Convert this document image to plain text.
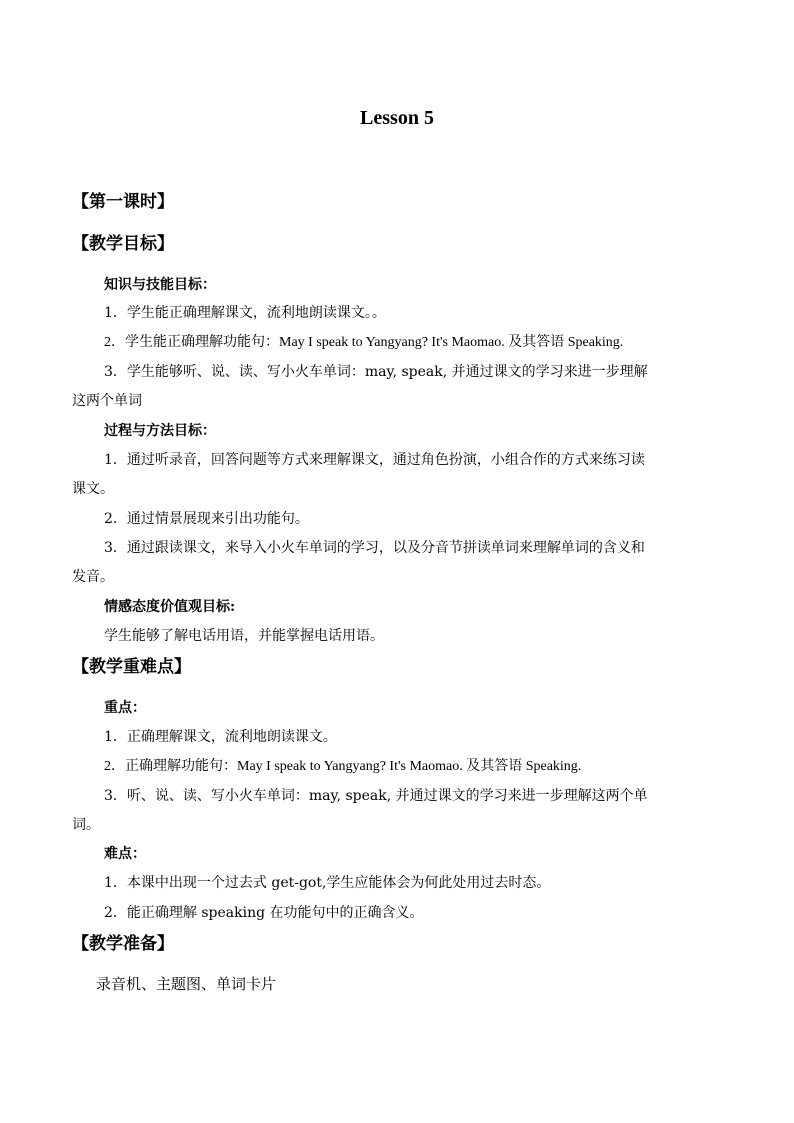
Lesson 5
【第一课时】
【教学目标】
知识与技能目标：
1．学生能正确理解课文，流利地朗读课文。。
2．学生能正确理解功能句：May I speak to Yangyang? It's Maomao. 及其答语 Speaking.
3．学生能够听、说、读、写小火车单词：may, speak, 并通过课文的学习来进一步理解
这两个单词
过程与方法目标：
1．通过听录音，回答问题等方式来理解课文，通过角色扮演，小组合作的方式来练习读
课文。
2．通过情景展现来引出功能句。
3．通过跟读课文，来导入小火车单词的学习，以及分音节拼读单词来理解单词的含义和
发音。
情感态度价值观目标:
学生能够了解电话用语，并能掌握电话用语。
【教学重难点】
重点：
1．正确理解课文，流利地朗读课文。
2．正确理解功能句：May I speak to Yangyang? It's Maomao. 及其答语 Speaking.
3．听、说、读、写小火车单词：may, speak, 并通过课文的学习来进一步理解这两个单
词。
难点：
1．本课中出现一个过去式 get-got,学生应能体会为何此处用过去时态。
2．能正确理解 speaking 在功能句中的正确含义。
【教学准备】
录音机、主题图、单词卡片
